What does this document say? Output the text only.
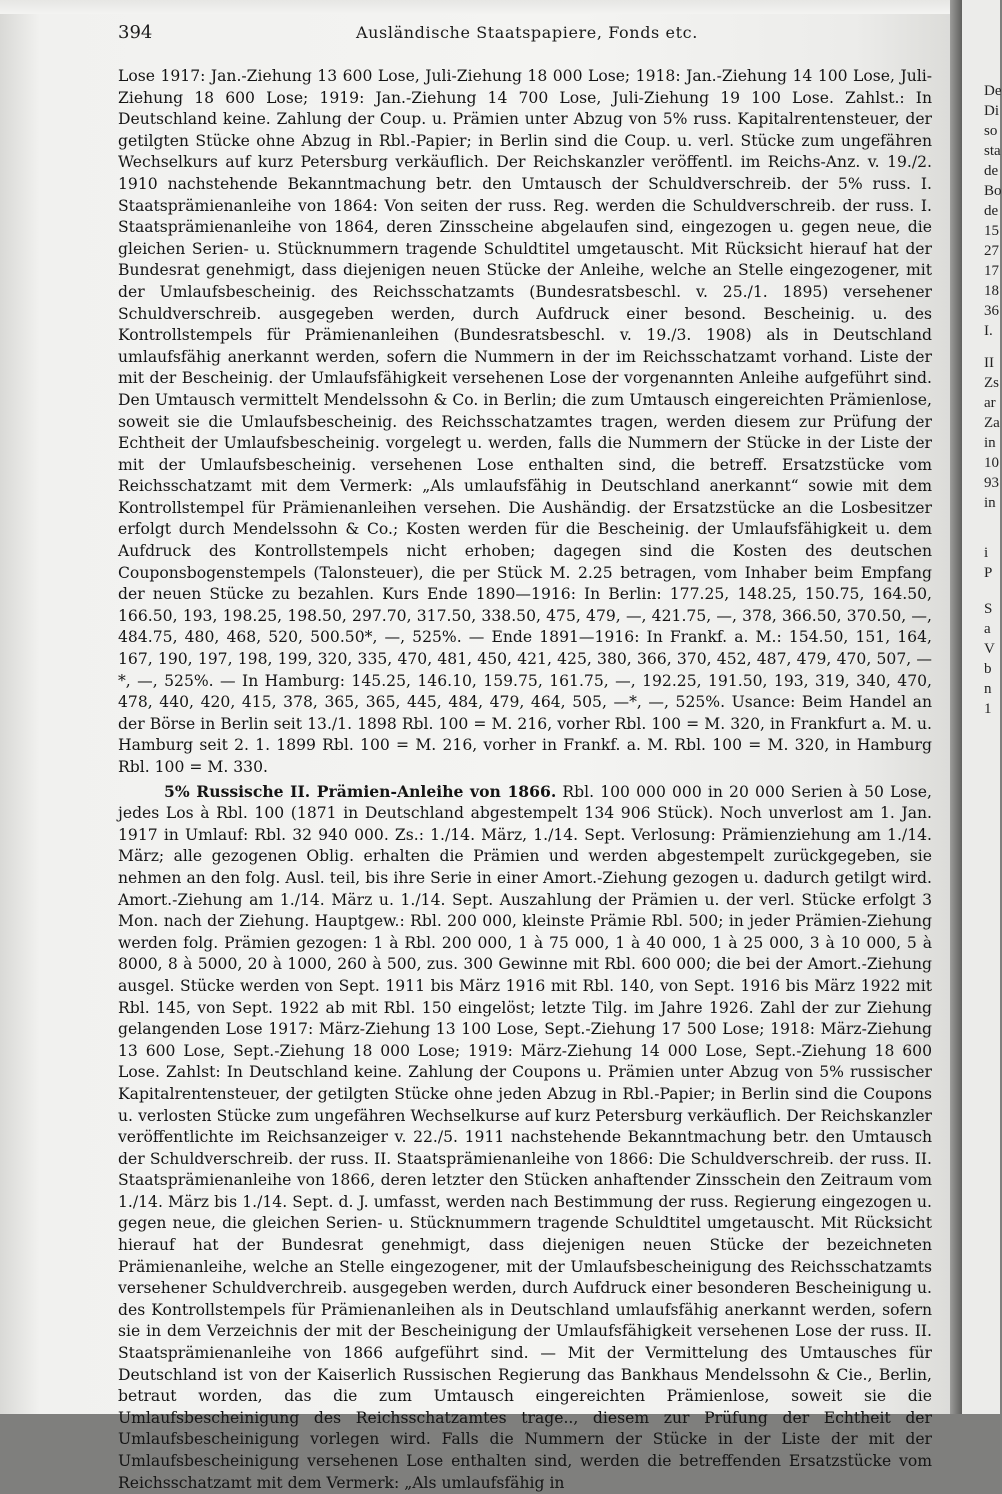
394	Ausländische Staatspapiere, Fonds etc.

Lose 1917: Jan.-Ziehung 13 600 Lose, Juli-Ziehung 18 000 Lose; 1918: Jan.-Ziehung 14 100 Lose, Juli-Ziehung 18 600 Lose; 1919: Jan.-Ziehung 14 700 Lose, Juli-Ziehung 19 100 Lose. Zahlst.: In Deutschland keine. Zahlung der Coup. u. Prämien unter Abzug von 5% russ. Kapitalrentensteuer, der getilgten Stücke ohne Abzug in Rbl.-Papier; in Berlin sind die Coup. u. verl. Stücke zum ungefähren Wechselkurs auf kurz Petersburg verkäuflich. Der Reichskanzler veröffentl. im Reichs-Anz. v. 19./2. 1910 nachstehende Bekanntmachung betr. den Umtausch der Schuldverschreib. der 5% russ. I. Staatsprämienanleihe von 1864: Von seiten der russ. Reg. werden die Schuldverschreib. der russ. I. Staatsprämienanleihe von 1864, deren Zinsscheine abgelaufen sind, eingezogen u. gegen neue, die gleichen Serien- u. Stücknummern tragende Schuldtitel umgetauscht. Mit Rücksicht hierauf hat der Bundesrat genehmigt, dass diejenigen neuen Stücke der Anleihe, welche an Stelle eingezogener, mit der Umlaufsbescheinig. des Reichsschatzamts (Bundesratsbeschl. v. 25./1. 1895) versehener Schuldverschreib. ausgegeben werden, durch Aufdruck einer besond. Bescheinig. u. des Kontrollstempels für Prämienanleihen (Bundesratsbeschl. v. 19./3. 1908) als in Deutschland umlaufsfähig anerkannt werden, sofern die Nummern in der im Reichsschatzamt vorhand. Liste der mit der Bescheinig. der Umlaufsfähigkeit versehenen Lose der vorgenannten Anleihe aufgeführt sind. Den Umtausch vermittelt Mendelssohn & Co. in Berlin; die zum Umtausch eingereichten Prämienlose, soweit sie die Umlaufsbescheinig. des Reichsschatzamtes tragen, werden diesem zur Prüfung der Echtheit der Umlaufsbescheinig. vorgelegt u. werden, falls die Nummern der Stücke in der Liste der mit der Umlaufsbescheinig. versehenen Lose enthalten sind, die betreff. Ersatzstücke vom Reichsschatzamt mit dem Vermerk: „Als umlaufsfähig in Deutschland anerkannt“ sowie mit dem Kontrollstempel für Prämienanleihen versehen. Die Aushändig. der Ersatzstücke an die Losbesitzer erfolgt durch Mendelssohn & Co.; Kosten werden für die Bescheinig. der Umlaufsfähigkeit u. dem Aufdruck des Kontrollstempels nicht erhoben; dagegen sind die Kosten des deutschen Couponsbogenstempels (Talonsteuer), die per Stück M. 2.25 betragen, vom Inhaber beim Empfang der neuen Stücke zu bezahlen. Kurs Ende 1890—1916: In Berlin: 177.25, 148.25, 150.75, 164.50, 166.50, 193, 198.25, 198.50, 297.70, 317.50, 338.50, 475, 479, —, 421.75, —, 378, 366.50, 370.50, —, 484.75, 480, 468, 520, 500.50*, —, 525%. — Ende 1891—1916: In Frankf. a. M.: 154.50, 151, 164, 167, 190, 197, 198, 199, 320, 335, 470, 481, 450, 421, 425, 380, 366, 370, 452, 487, 479, 470, 507, —*, —, 525%. — In Hamburg: 145.25, 146.10, 159.75, 161.75, —, 192.25, 191.50, 193, 319, 340, 470, 478, 440, 420, 415, 378, 365, 365, 445, 484, 479, 464, 505, —*, —, 525%. Usance: Beim Handel an der Börse in Berlin seit 13./1. 1898 Rbl. 100 = M. 216, vorher Rbl. 100 = M. 320, in Frankfurt a. M. u. Hamburg seit 2. 1. 1899 Rbl. 100 = M. 216, vorher in Frankf. a. M. Rbl. 100 = M. 320, in Hamburg Rbl. 100 = M. 330.

5% Russische II. Prämien-Anleihe von 1866. Rbl. 100 000 000 in 20 000 Serien à 50 Lose, jedes Los à Rbl. 100 (1871 in Deutschland abgestempelt 134 906 Stück). Noch unverlost am 1. Jan. 1917 in Umlauf: Rbl. 32 940 000. Zs.: 1./14. März, 1./14. Sept. Verlosung: Prämienziehung am 1./14. März; alle gezogenen Oblig. erhalten die Prämien und werden abgestempelt zurückgegeben, sie nehmen an den folg. Ausl. teil, bis ihre Serie in einer Amort.-Ziehung gezogen u. dadurch getilgt wird. Amort.-Ziehung am 1./14. März u. 1./14. Sept. Auszahlung der Prämien u. der verl. Stücke erfolgt 3 Mon. nach der Ziehung. Hauptgew.: Rbl. 200 000, kleinste Prämie Rbl. 500; in jeder Prämien-Ziehung werden folg. Prämien gezogen: 1 à Rbl. 200 000, 1 à 75 000, 1 à 40 000, 1 à 25 000, 3 à 10 000, 5 à 8000, 8 à 5000, 20 à 1000, 260 à 500, zus. 300 Gewinne mit Rbl. 600 000; die bei der Amort.-Ziehung ausgel. Stücke werden von Sept. 1911 bis März 1916 mit Rbl. 140, von Sept. 1916 bis März 1922 mit Rbl. 145, von Sept. 1922 ab mit Rbl. 150 eingelöst; letzte Tilg. im Jahre 1926. Zahl der zur Ziehung gelangenden Lose 1917: März-Ziehung 13 100 Lose, Sept.-Ziehung 17 500 Lose; 1918: März-Ziehung 13 600 Lose, Sept.-Ziehung 18 000 Lose; 1919: März-Ziehung 14 000 Lose, Sept.-Ziehung 18 600 Lose. Zahlst: In Deutschland keine. Zahlung der Coupons u. Prämien unter Abzug von 5% russischer Kapitalrentensteuer, der getilgten Stücke ohne jeden Abzug in Rbl.-Papier; in Berlin sind die Coupons u. verlosten Stücke zum ungefähren Wechselkurse auf kurz Petersburg verkäuflich. Der Reichskanzler veröffentlichte im Reichsanzeiger v. 22./5. 1911 nachstehende Bekanntmachung betr. den Umtausch der Schuldverschreib. der russ. II. Staatsprämienanleihe von 1866: Die Schuldverschreib. der russ. II. Staatsprämienanleihe von 1866, deren letzter den Stücken anhaftender Zinsschein den Zeitraum vom 1./14. März bis 1./14. Sept. d. J. umfasst, werden nach Bestimmung der russ. Regierung eingezogen u. gegen neue, die gleichen Serien- u. Stücknummern tragende Schuldtitel umgetauscht. Mit Rücksicht hierauf hat der Bundesrat genehmigt, dass diejenigen neuen Stücke der bezeichneten Prämienanleihe, welche an Stelle eingezogener, mit der Umlaufsbescheinigung des Reichsschatzamts versehener Schuldverchreib. ausgegeben werden, durch Aufdruck einer besonderen Bescheinigung u. des Kontrollstempels für Prämienanleihen als in Deutschland umlaufsfähig anerkannt werden, sofern sie in dem Verzeichnis der mit der Bescheinigung der Umlaufsfähigkeit versehenen Lose der russ. II. Staatsprämienanleihe von 1866 aufgeführt sind. — Mit der Vermittelung des Umtausches für Deutschland ist von der Kaiserlich Russischen Regierung das Bankhaus Mendelssohn & Cie., Berlin, betraut worden, das die zum Umtausch eingereichten Prämienlose, soweit sie die Umlaufsbescheinigung des Reichsschatzamtes trage.., diesem zur Prüfung der Echtheit der Umlaufsbescheinigung vorlegen wird. Falls die Nummern der Stücke in der Liste der mit der Umlaufsbescheinigung versehenen Lose enthalten sind, werden die betreffenden Ersatzstücke vom Reichsschatzamt mit dem Vermerk: „Als umlaufsfähig in

De
Di
so
sta
de
Bo
de
15
27
17
18
36
I.
II
Zs
ar
Za
in
10
93
in
i
P
S
a
V
b
n
1
